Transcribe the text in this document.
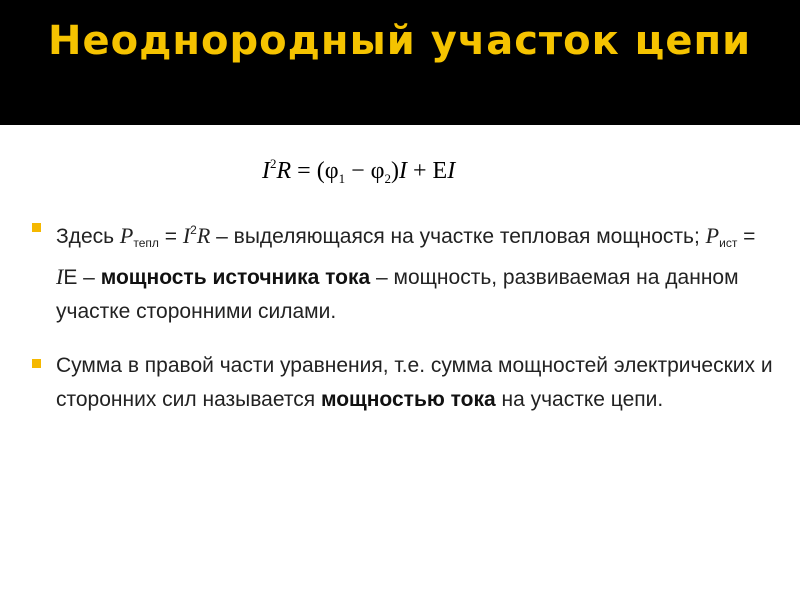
Неоднородный участок цепи
$I^2R = (\varphi_1 - \varphi_2)I + EI$
Здесь Pтепл = $I^2R$ – выделяющаяся на участке тепловая мощность; Pист = IΕ – мощность источника тока – мощность, развиваемая на данном участке сторонними силами.
Сумма в правой части уравнения, т.е. сумма мощностей электрических и сторонних сил называется мощностью тока на участке цепи.
